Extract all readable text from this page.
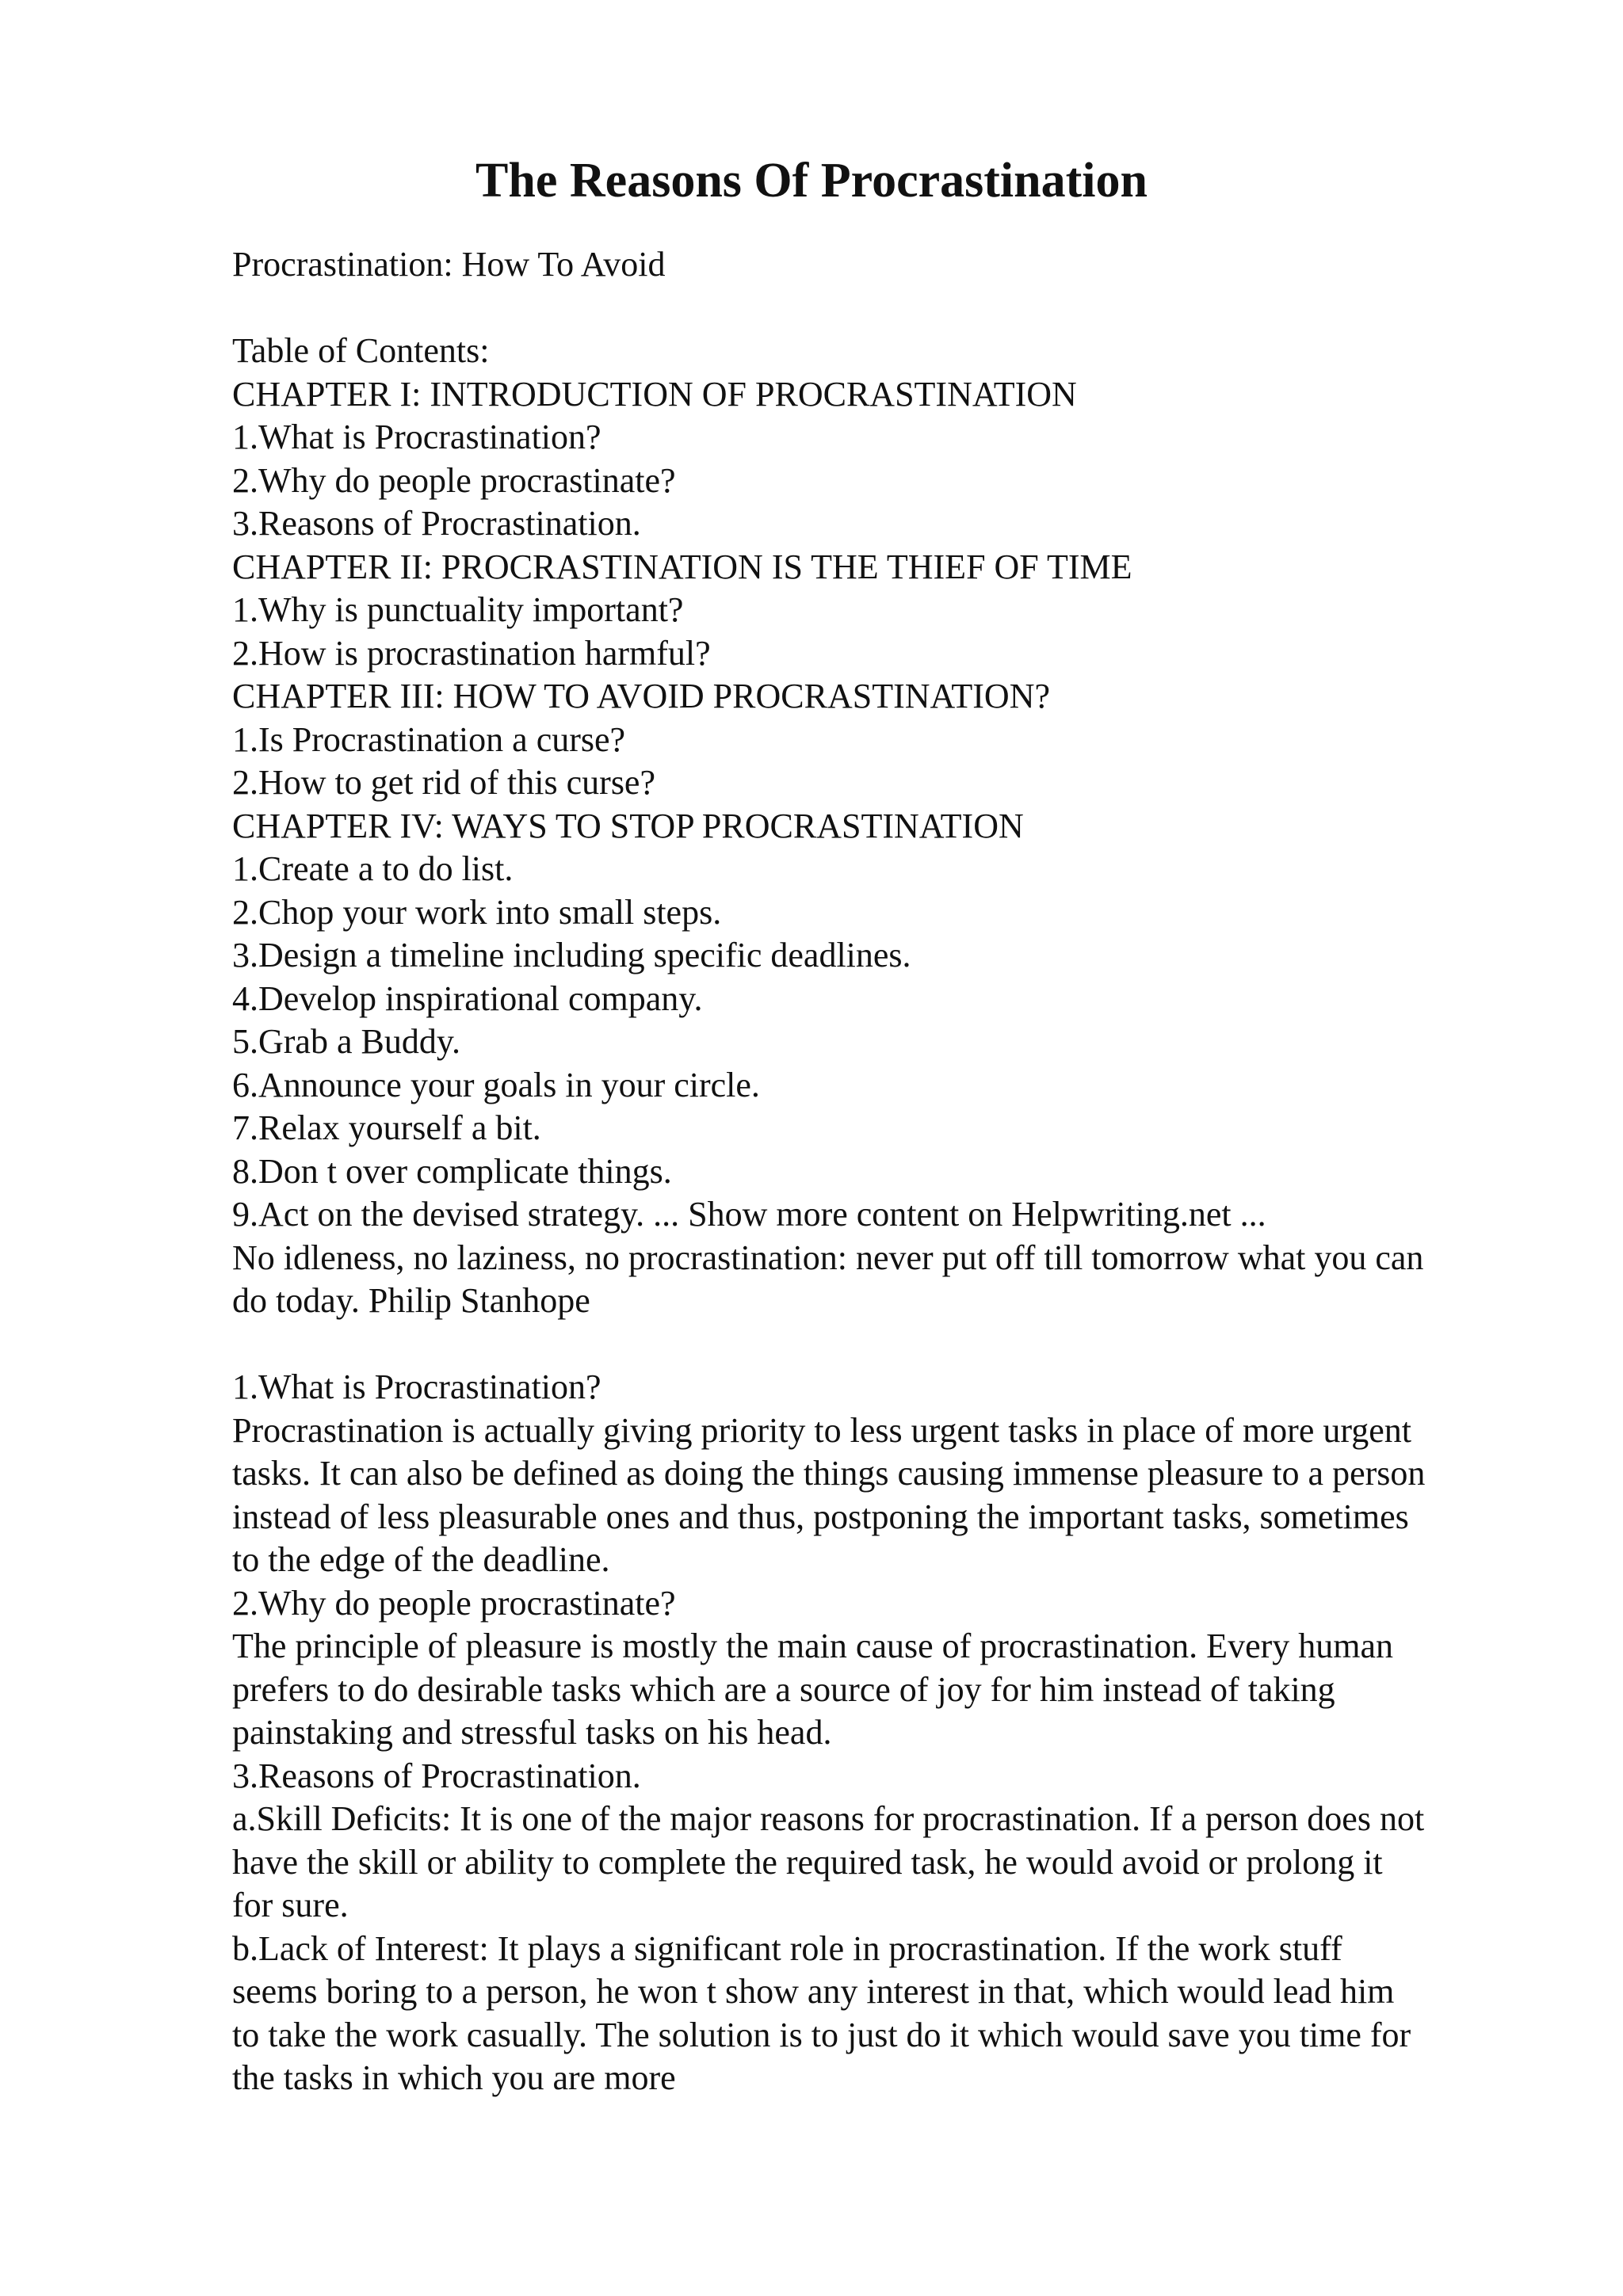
The Reasons Of Procrastination
Procrastination: How To Avoid
Table of Contents:
CHAPTER I: INTRODUCTION OF PROCRASTINATION
1.What is Procrastination?
2.Why do people procrastinate?
3.Reasons of Procrastination.
CHAPTER II: PROCRASTINATION IS THE THIEF OF TIME
1.Why is punctuality important?
2.How is procrastination harmful?
CHAPTER III: HOW TO AVOID PROCRASTINATION?
1.Is Procrastination a curse?
2.How to get rid of this curse?
CHAPTER IV: WAYS TO STOP PROCRASTINATION
1.Create a to do list.
2.Chop your work into small steps.
3.Design a timeline including specific deadlines.
4.Develop inspirational company.
5.Grab a Buddy.
6.Announce your goals in your circle.
7.Relax yourself a bit.
8.Don t over complicate things.
9.Act on the devised strategy. ... Show more content on Helpwriting.net ...
No idleness, no laziness, no procrastination: never put off till tomorrow what you can
do today. Philip Stanhope
1.What is Procrastination?
Procrastination is actually giving priority to less urgent tasks in place of more urgent
tasks. It can also be defined as doing the things causing immense pleasure to a person
instead of less pleasurable ones and thus, postponing the important tasks, sometimes
to the edge of the deadline.
2.Why do people procrastinate?
The principle of pleasure is mostly the main cause of procrastination. Every human
prefers to do desirable tasks which are a source of joy for him instead of taking
painstaking and stressful tasks on his head.
3.Reasons of Procrastination.
a.Skill Deficits: It is one of the major reasons for procrastination. If a person does not
have the skill or ability to complete the required task, he would avoid or prolong it
for sure.
b.Lack of Interest: It plays a significant role in procrastination. If the work stuff
seems boring to a person, he won t show any interest in that, which would lead him
to take the work casually. The solution is to just do it which would save you time for
the tasks in which you are more
